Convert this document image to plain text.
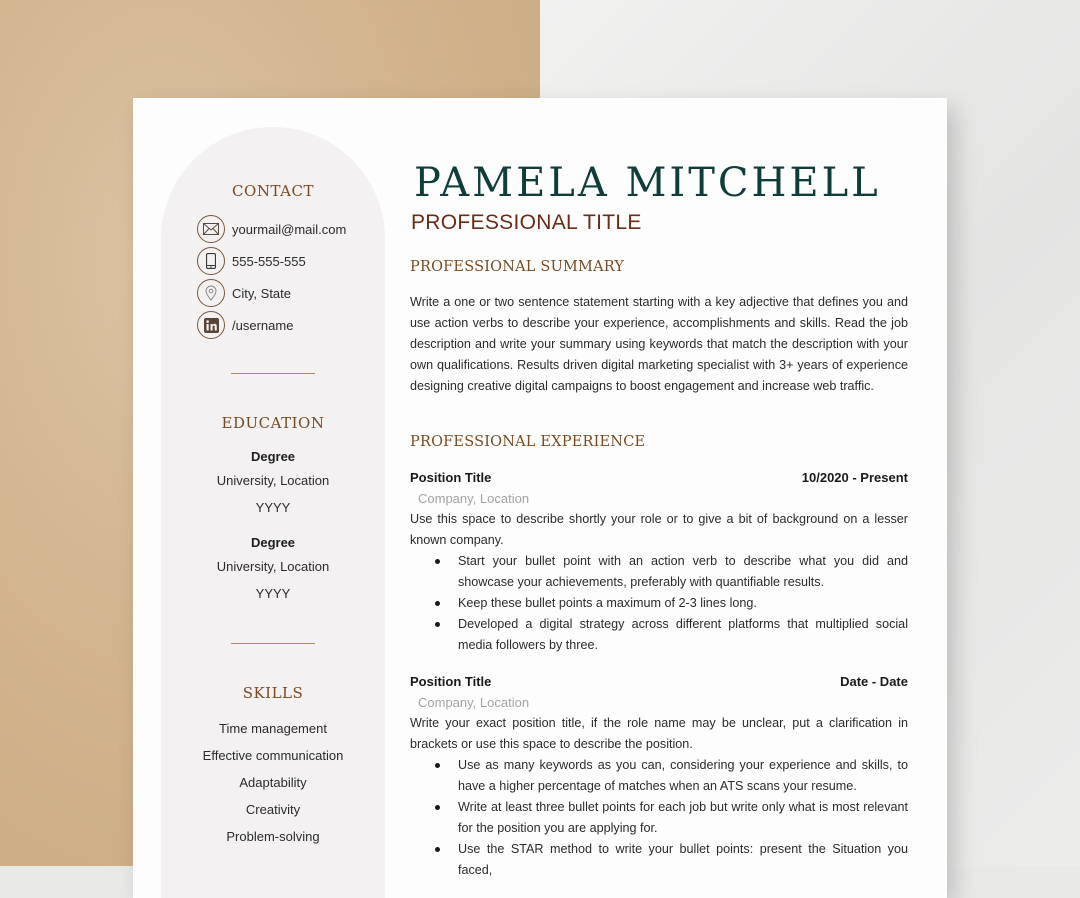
CONTACT
yourmail@mail.com
555-555-555
City, State
/username
EDUCATION
Degree
University, Location
YYYY
Degree
University, Location
YYYY
SKILLS
Time management
Effective communication
Adaptability
Creativity
Problem-solving
PAMELA MITCHELL
PROFESSIONAL TITLE
PROFESSIONAL SUMMARY
Write a one or two sentence statement starting with a key adjective that defines you and use action verbs to describe your experience, accomplishments and skills. Read the job description and write your summary using keywords that match the description with your own qualifications. Results driven digital marketing specialist with 3+ years of experience designing creative digital campaigns to boost engagement and increase web traffic.
PROFESSIONAL EXPERIENCE
Position Title	10/2020 - Present
Company, Location
Use this space to describe shortly your role or to give a bit of background on a lesser known company.
Start your bullet point with an action verb to describe what you did and showcase your achievements, preferably with quantifiable results.
Keep these bullet points a maximum of 2-3 lines long.
Developed a digital strategy across different platforms that multiplied social media followers by three.
Position Title	Date - Date
Company, Location
Write your exact position title, if the role name may be unclear, put a clarification in brackets or use this space to describe the position.
Use as many keywords as you can, considering your experience and skills, to have a higher percentage of matches when an ATS scans your resume.
Write at least three bullet points for each job but write only what is most relevant for the position you are applying for.
Use the STAR method to write your bullet points: present the Situation you faced,
